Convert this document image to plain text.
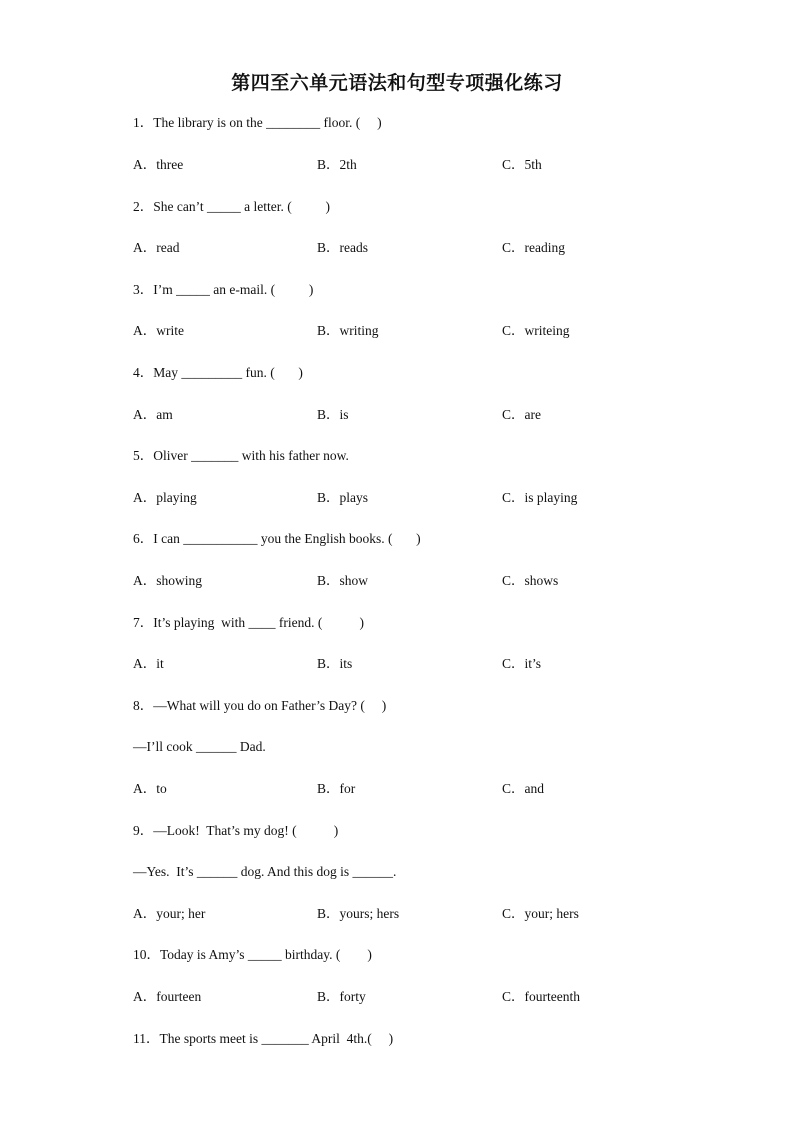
第四至六单元语法和句型专项强化练习
1．The library is on the ________ floor. (     )
A．three	B．2th	C．5th
2．She can’t _____ a letter. (          )
A．read	B．reads	C．reading
3．I’m _____ an e-mail. (          )
A．write	B．writing	C．writeing
4．May _________ fun. (       )
A．am	B．is	C．are
5．Oliver _______ with his father now.
A．playing	B．plays	C．is playing
6．I can ___________ you the English books. (       )
A．showing	B．show	C．shows
7．It’s playing  with ____ friend. (           )
A．it	B．its	C．it’s
8．—What will you do on Father’s Day? (     )
—I’ll cook ______ Dad.
A．to	B．for	C．and
9．—Look!  That’s my dog! (           )
—Yes.  It’s ______ dog. And this dog is ______.
A．your; her	B．yours; hers	C．your; hers
10．Today is Amy’s _____ birthday. (        )
A．fourteen	B．forty	C．fourteenth
11．The sports meet is _______ April  4th.(     )
